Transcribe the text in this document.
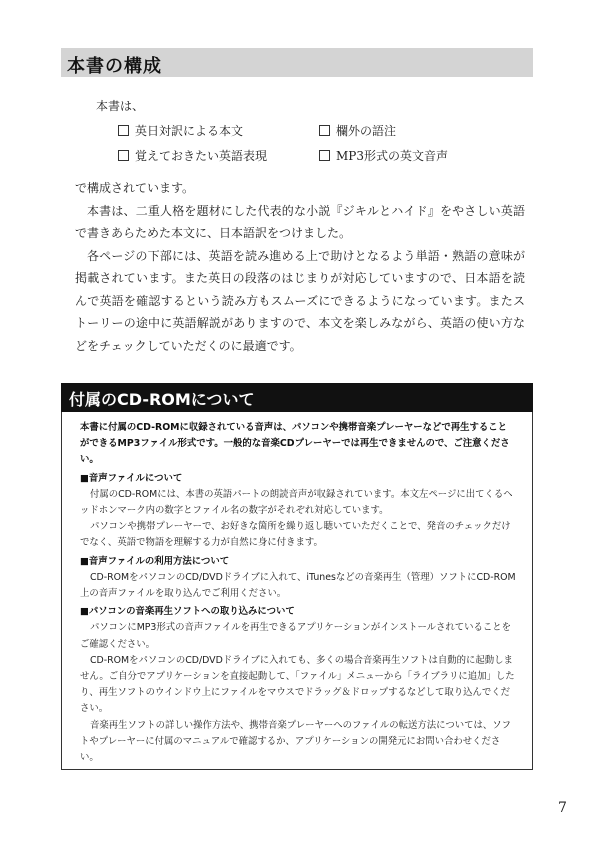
本書の構成
本書は、
英日対訳による本文	欄外の語注
覚えておきたい英語表現	MP3形式の英文音声

で構成されています。

本書は、二重人格を題材にした代表的な小説『ジキルとハイド』をやさしい英語で書きあらためた本文に、日本語訳をつけました。

各ページの下部には、英語を読み進める上で助けとなるよう単語・熟語の意味が掲載されています。また英日の段落のはじまりが対応していますので、日本語を読んで英語を確認するという読み方もスムーズにできるようになっています。またストーリーの途中に英語解説がありますので、本文を楽しみながら、英語の使い方などをチェックしていただくのに最適です。

付属のCD-ROMについて

本書に付属のCD-ROMに収録されている音声は、パソコンや携帯音楽プレーヤーなどで再生することができるMP3ファイル形式です。一般的な音楽CDプレーヤーでは再生できませんので、ご注意ください。

■音声ファイルについて

付属のCD-ROMには、本書の英語パートの朗読音声が収録されています。本文左ページに出てくるヘッドホンマーク内の数字とファイル名の数字がそれぞれ対応しています。

パソコンや携帯プレーヤーで、お好きな箇所を繰り返し聴いていただくことで、発音のチェックだけでなく、英語で物語を理解する力が自然に身に付きます。

■音声ファイルの利用方法について

CD-ROMをパソコンのCD/DVDドライブに入れて、iTunesなどの音楽再生（管理）ソフトにCD-ROM上の音声ファイルを取り込んでご利用ください。

■パソコンの音楽再生ソフトへの取り込みについて

パソコンにMP3形式の音声ファイルを再生できるアプリケーションがインストールされていることをご確認ください。

CD-ROMをパソコンのCD/DVDドライブに入れても、多くの場合音楽再生ソフトは自動的に起動しません。ご自分でアプリケーションを直接起動して、「ファイル」メニューから「ライブラリに追加」したり、再生ソフトのウインドウ上にファイルをマウスでドラッグ＆ドロップするなどして取り込んでください。

音楽再生ソフトの詳しい操作方法や、携帯音楽プレーヤーへのファイルの転送方法については、ソフトやプレーヤーに付属のマニュアルで確認するか、アプリケーションの開発元にお問い合わせください。

7
